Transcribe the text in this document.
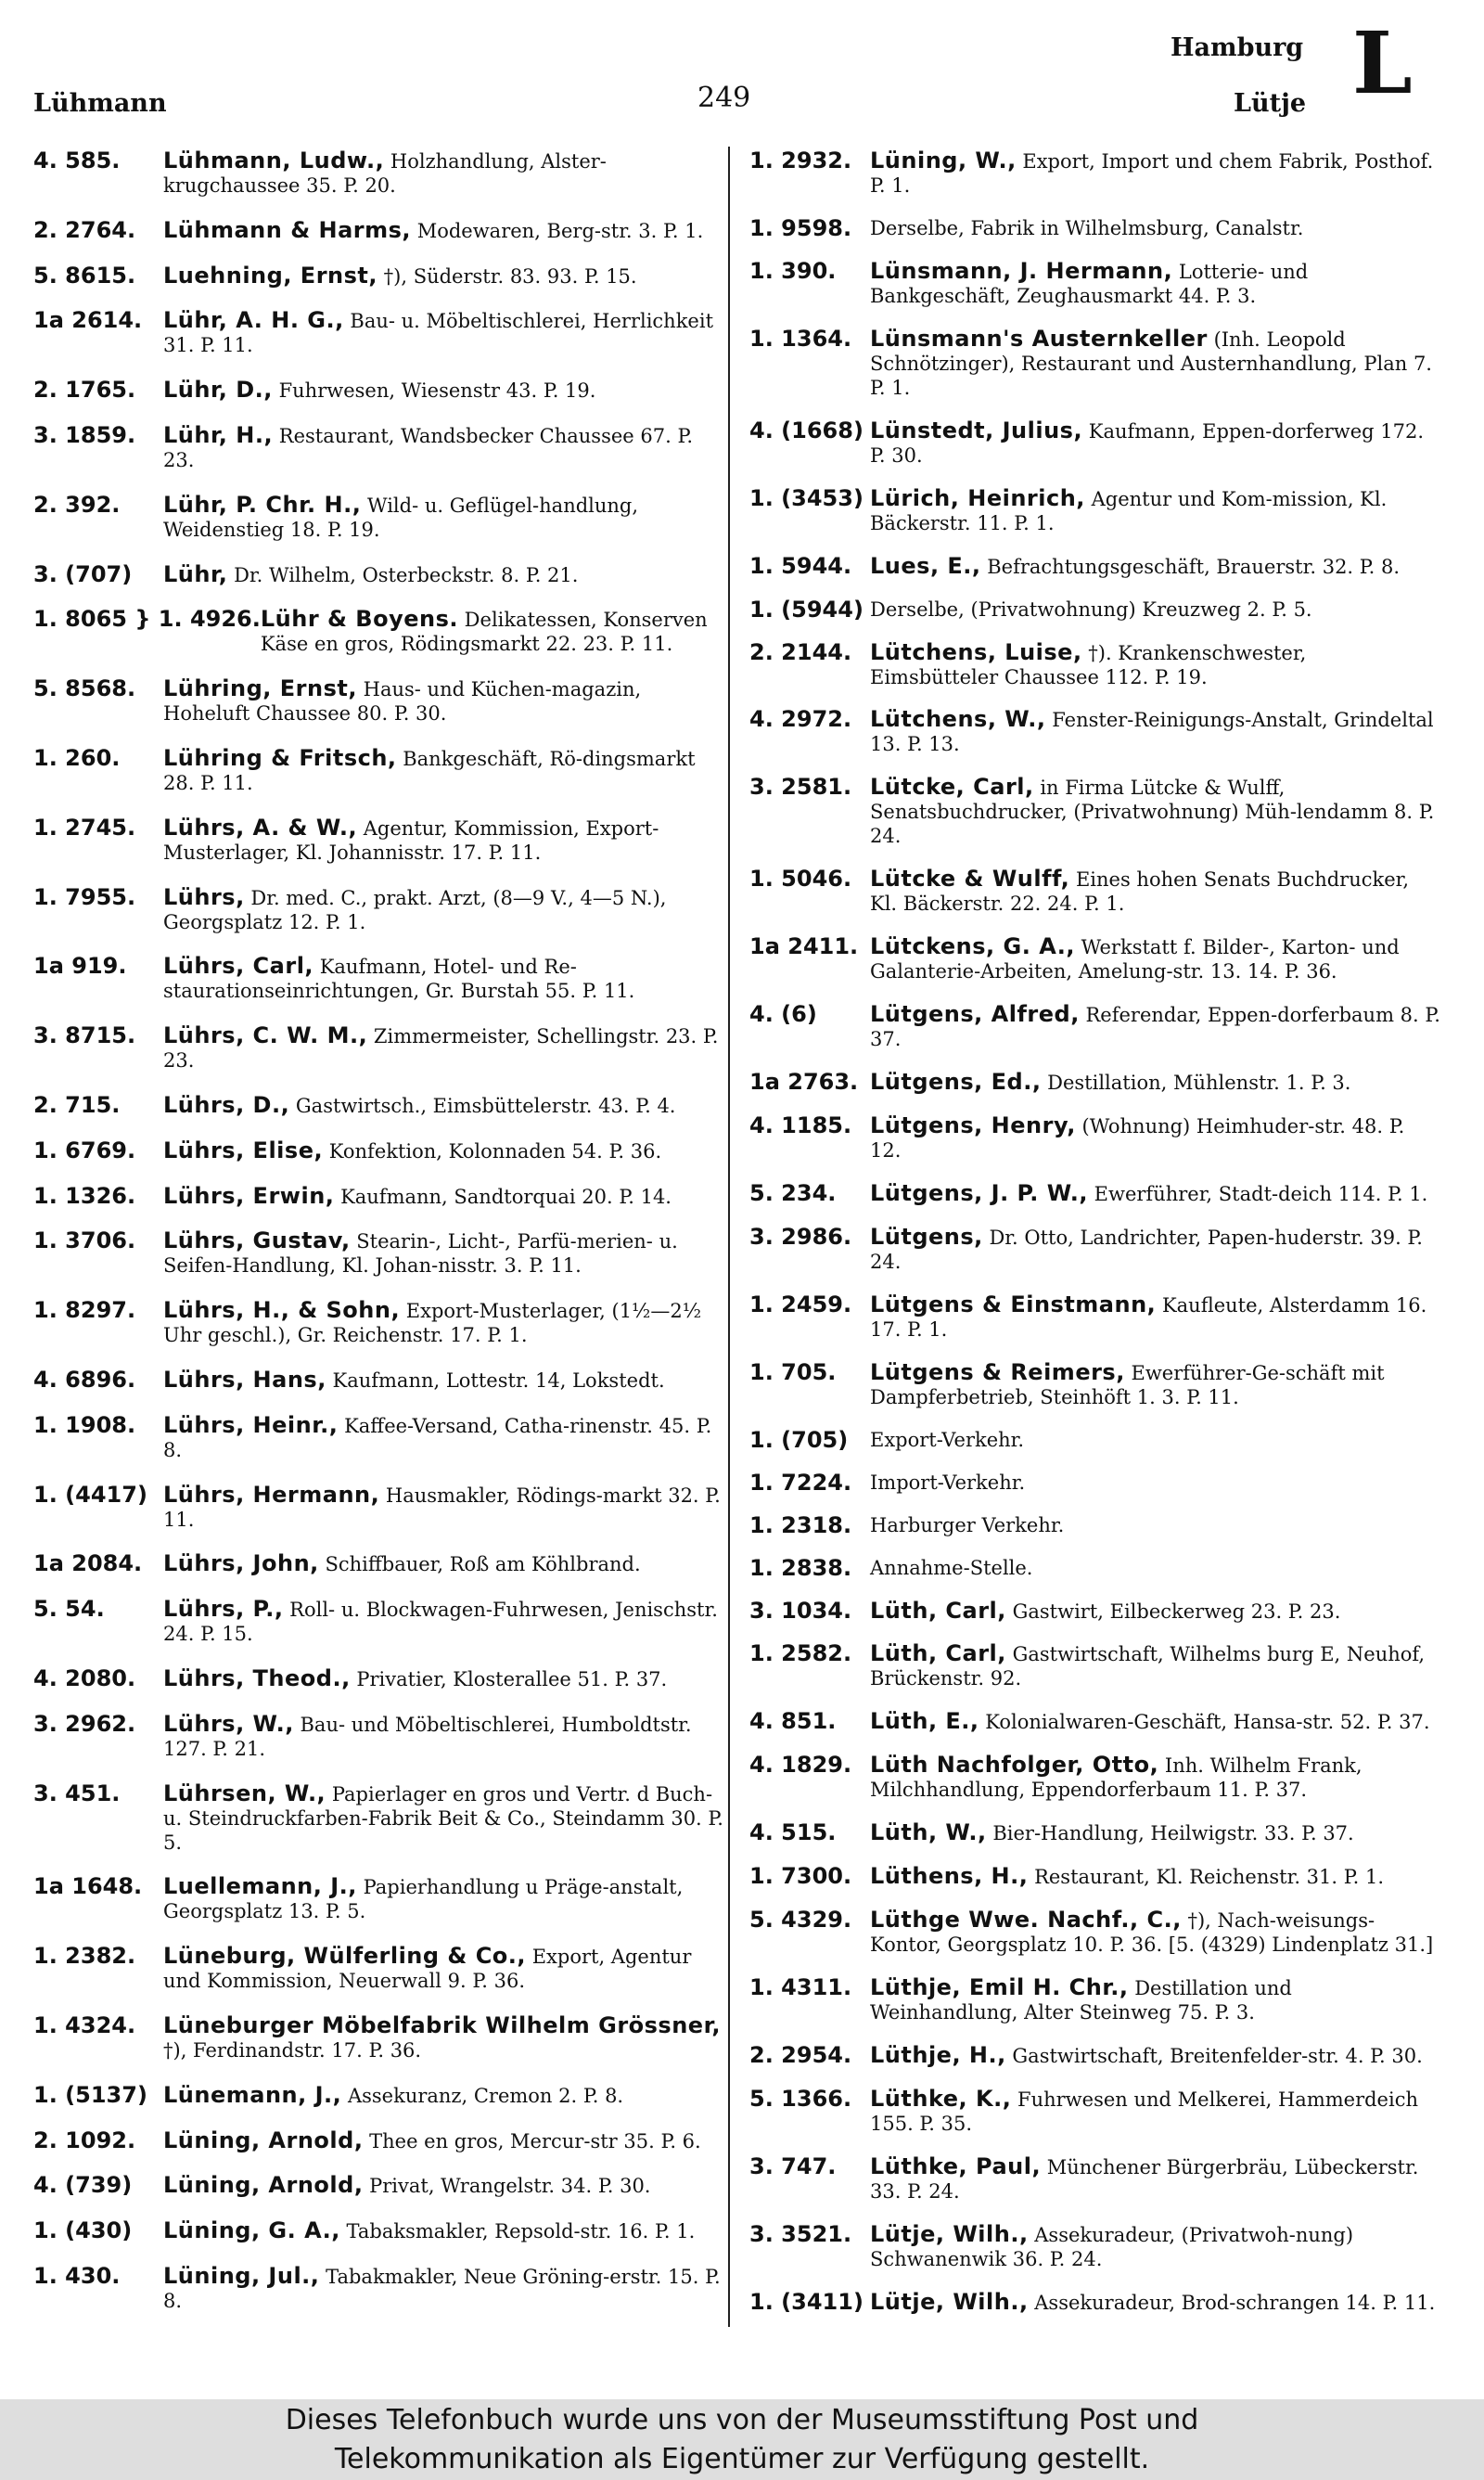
Lühmann	249
Hamburg
Lütje L
4. 585.	Lühmann, Ludw., Holzhandlung, Alster-krugchaussee 35. P. 20.
2. 2764.	Lühmann & Harms, Modewaren, Berg-str. 3. P. 1.
5. 8615.	Luehning, Ernst, †), Süderstr. 83. 93. P. 15.
1a 2614. Lühr, A. H. G., Bau- u. Möbeltischlerei, Herrlichkeit 31. P. 11.
2. 1765.	Lühr, D., Fuhrwesen, Wiesenstr 43. P. 19.
3. 1859.	Lühr, H., Restaurant, Wandsbecker Chaussee 67. P. 23.
2. 392.	Lühr, P. Chr. H., Wild- u. Geflügel-handlung, Weidenstieg 18. P. 19.
3. (707)	Lühr, Dr. Wilhelm, Osterbeckstr. 8. P. 21.
1. 8065 } 1. 4926. Lühr & Boyens. Delikatessen, Konserven Käse en gros, Rödingsmarkt 22. 23. P. 11.
5. 8568.	Lühring, Ernst, Haus- und Küchen-magazin, Hoheluft Chaussee 80. P. 30.
1. 260.	Lühring & Fritsch, Bankgeschäft, Rö-dingsmarkt 28. P. 11.
1. 2745.	Lührs, A. & W., Agentur, Kommission, Export-Musterlager, Kl. Johannisstr. 17. P. 11.
1. 7955.	Lührs, Dr. med. C., prakt. Arzt, (8—9 V., 4—5 N.), Georgsplatz 12. P. 1.
1a 919.	Lührs, Carl, Kaufmann, Hotel- und Re-staurationseinrichtungen, Gr. Burstah 55. P. 11.
3. 8715.	Lührs, C. W. M., Zimmermeister, Schellingstr. 23. P. 23.
2. 715.	Lührs, D., Gastwirtsch., Eimsbüttelerstr. 43. P. 4.
1. 6769.	Lührs, Elise, Konfektion, Kolonnaden 54. P. 36.
1. 1326.	Lührs, Erwin, Kaufmann, Sandtorquai 20. P. 14.
1. 3706.	Lührs, Gustav, Stearin-, Licht-, Parfü-merien- u. Seifen-Handlung, Kl. Johan-nisstr. 3. P. 11.
1. 8297.	Lührs, H., & Sohn, Export-Musterlager, (1½—2½ Uhr geschl.), Gr. Reichenstr. 17. P. 1.
4. 6896.	Lührs, Hans, Kaufmann, Lottestr. 14, Lokstedt.
1. 1908.	Lührs, Heinr., Kaffee-Versand, Catha-rinenstr. 45. P. 8.
1. (4417) Lührs, Hermann, Hausmakler, Rödings-markt 32. P. 11.
1a 2084. Lührs, John, Schiffbauer, Roß am Köhlbrand.
5. 54.	Lührs, P., Roll- u. Blockwagen-Fuhrwesen, Jenischstr. 24. P. 15.
4. 2080.	Lührs, Theod., Privatier, Klosterallee 51. P. 37.
3. 2962.	Lührs, W., Bau- und Möbeltischlerei, Humboldtstr. 127. P. 21.
3. 451.	Lührsen, W., Papierlager en gros und Vertr. d Buch- u. Steindruckfarben-Fabrik Beit & Co., Steindamm 30. P. 5.
1a 1648. Luellemann, J., Papierhandlung u Präge-anstalt, Georgsplatz 13. P. 5.
1. 2382.	Lüneburg, Wülferling & Co., Export, Agentur und Kommission, Neuerwall 9. P. 36.
1. 4324.	Lüneburger Möbelfabrik Wilhelm Grössner, †), Ferdinandstr. 17. P. 36.
1. (5137) Lünemann, J., Assekuranz, Cremon 2. P. 8.
2. 1092.	Lüning, Arnold, Thee en gros, Mercur-str 35. P. 6.
4. (739)	Lüning, Arnold, Privat, Wrangelstr. 34. P. 30.
1. (430)	Lüning, G. A., Tabaksmakler, Repsold-str. 16. P. 1.
1. 430.	Lüning, Jul., Tabakmakler, Neue Gröning-erstr. 15. P. 8.
1. 2932. Lüning, W., Export, Import und chem Fabrik, Posthof. P. 1.
1. 9598. Derselbe, Fabrik in Wilhelmsburg, Canalstr.
1. 390.	Lünsmann, J. Hermann, Lotterie- und Bankgeschäft, Zeughausmarkt 44. P. 3.
1. 1364. Lünsmann's Austernkeller (Inh. Leopold Schnötzinger), Restaurant und Austernhandlung, Plan 7. P. 1.
4. (1668) Lünstedt, Julius, Kaufmann, Eppen-dorferweg 172. P. 30.
1. (3453) Lürich, Heinrich, Agentur und Kom-mission, Kl. Bäckerstr. 11. P. 1.
1. 5944. Lues, E., Befrachtungsgeschäft, Brauerstr. 32. P. 8.
1. (5944) Derselbe, (Privatwohnung) Kreuzweg 2. P. 5.
2. 2144. Lütchens, Luise, †). Krankenschwester, Eimsbütteler Chaussee 112. P. 19.
4. 2972. Lütchens, W., Fenster-Reinigungs-Anstalt, Grindeltal 13. P. 13.
3. 2581. Lütcke, Carl, in Firma Lütcke & Wulff, Senatsbuchdrucker, (Privatwohnung) Müh-lendamm 8. P. 24.
1. 5046. Lütcke & Wulff, Eines hohen Senats Buchdrucker, Kl. Bäckerstr. 22. 24. P. 1.
1a 2411. Lütckens, G. A., Werkstatt f. Bilder-, Karton- und Galanterie-Arbeiten, Amelung-str. 13. 14. P. 36.
4. (6)	Lütgens, Alfred, Referendar, Eppen-dorferbaum 8. P. 37.
1a 2763. Lütgens, Ed., Destillation, Mühlenstr. 1. P. 3.
4. 1185. Lütgens, Henry, (Wohnung) Heimhuder-str. 48. P. 12.
5. 234.	Lütgens, J. P. W., Ewerführer, Stadt-deich 114. P. 1.
3. 2986. Lütgens, Dr. Otto, Landrichter, Papen-huderstr. 39. P. 24.
1. 2459. Lütgens & Einstmann, Kaufleute, Alsterdamm 16. 17. P. 1.
1. 705.	Lütgens & Reimers, Ewerführer-Ge-schäft mit Dampferbetrieb, Steinhöft 1. 3. P. 11.
1. (705)	Export-Verkehr.
1. 7224. Import-Verkehr.
1. 2318. Harburger Verkehr.
1. 2838. Annahme-Stelle.
3. 1034. Lüth, Carl, Gastwirt, Eilbeckerweg 23. P. 23.
1. 2582. Lüth, Carl, Gastwirtschaft, Wilhelms burg E, Neuhof, Brückenstr. 92.
4. 851.	Lüth, E., Kolonialwaren-Geschäft, Hansa-str. 52. P. 37.
4. 1829. Lüth Nachfolger, Otto, Inh. Wilhelm Frank, Milchhandlung, Eppendorferbaum 11. P. 37.
4. 515.	Lüth, W., Bier-Handlung, Heilwigstr. 33. P. 37.
1. 7300. Lüthens, H., Restaurant, Kl. Reichenstr. 31. P. 1.
5. 4329. Lüthge Wwe. Nachf., C., †), Nach-weisungs-Kontor, Georgsplatz 10. P. 36. [5. (4329) Lindenplatz 31.]
1. 4311. Lüthje, Emil H. Chr., Destillation und Weinhandlung, Alter Steinweg 75. P. 3.
2. 2954. Lüthje, H., Gastwirtschaft, Breitenfelder-str. 4. P. 30.
5. 1366. Lüthke, K., Fuhrwesen und Melkerei, Hammerdeich 155. P. 35.
3. 747.	Lüthke, Paul, Münchener Bürgerbräu, Lübeckerstr. 33. P. 24.
3. 3521. Lütje, Wilh., Assekuradeur, (Privatwoh-nung) Schwanenwik 36. P. 24.
1. (3411) Lütje, Wilh., Assekuradeur, Brod-schrangen 14. P. 11.
Dieses Telefonbuch wurde uns von der Museumsstiftung Post und
Telekommunikation als Eigentümer zur Verfügung gestellt.
